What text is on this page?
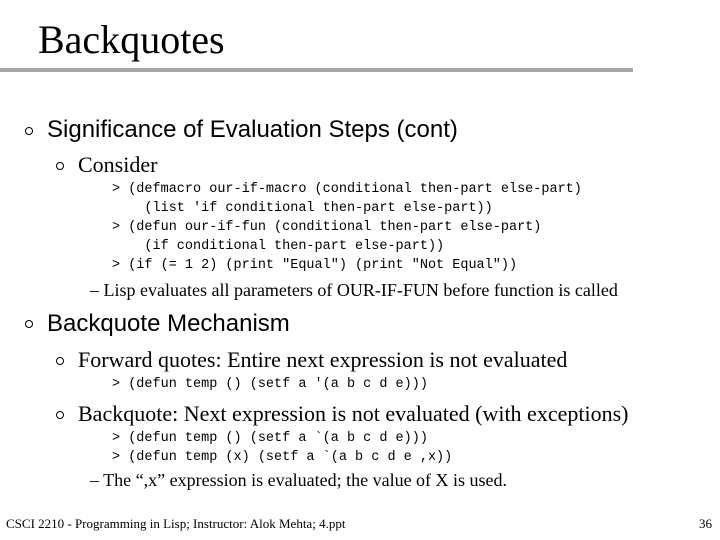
Backquotes
Significance of Evaluation Steps (cont)
Consider
> (defmacro our-if-macro (conditional then-part else-part)
(list 'if conditional then-part else-part))
> (defun our-if-fun (conditional then-part else-part)
(if conditional then-part else-part))
> (if (= 1 2) (print "Equal") (print "Not Equal"))
– Lisp evaluates all parameters of OUR-IF-FUN before function is called
Backquote Mechanism
Forward quotes: Entire next expression is not evaluated
> (defun temp () (setf a '(a b c d e)))
Backquote: Next expression is not evaluated (with exceptions)
> (defun temp () (setf a `(a b c d e)))
> (defun temp (x) (setf a `(a b c d e ,x))
– The “,x” expression is evaluated; the value of X is used.
CSCI 2210 - Programming in Lisp; Instructor: Alok Mehta; 4.ppt	36
